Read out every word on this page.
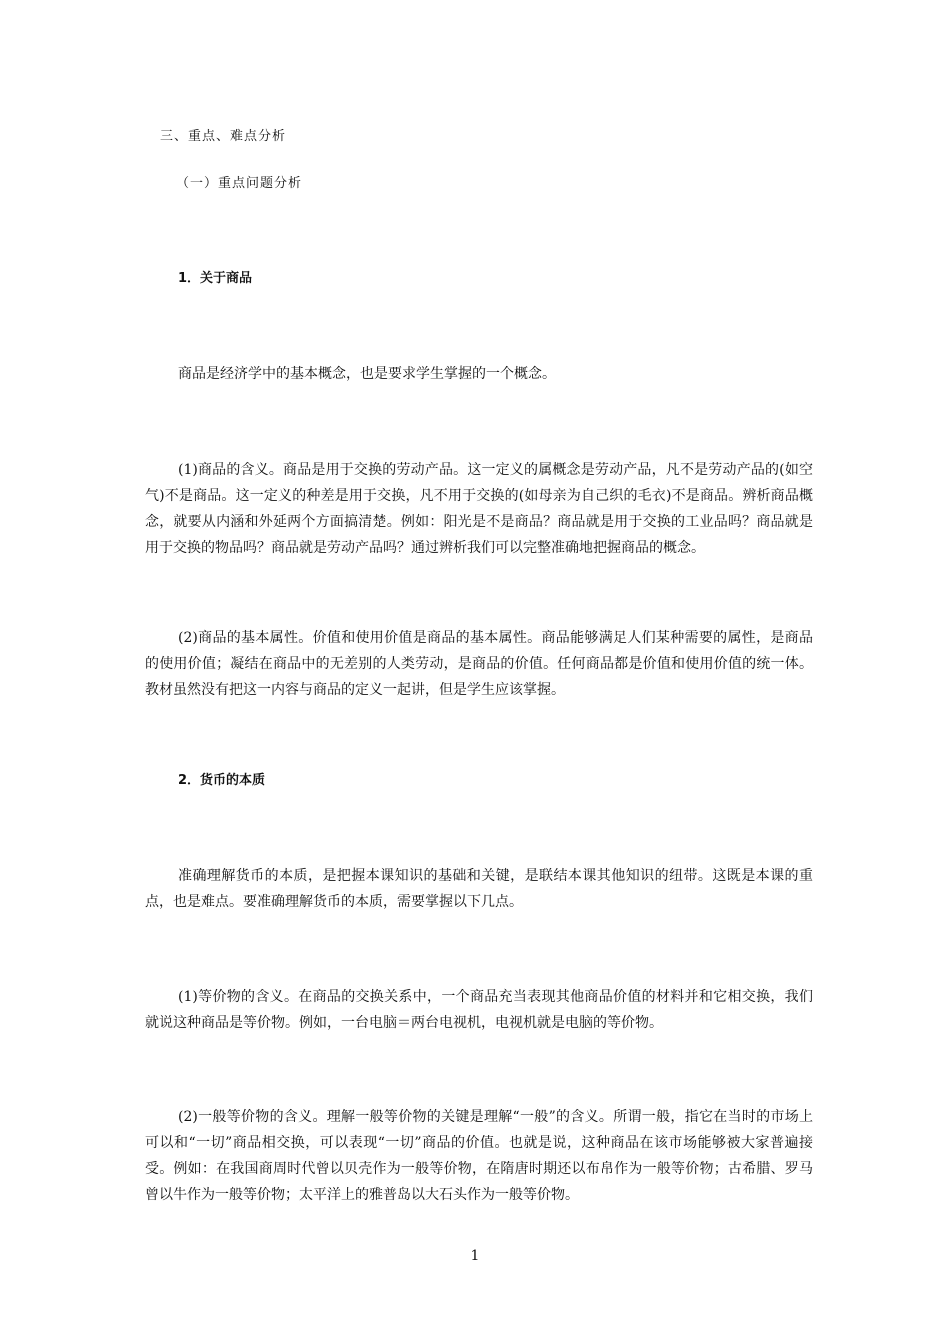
三、重点、难点分析
（一）重点问题分析
1．关于商品

商品是经济学中的基本概念，也是要求学生掌握的一个概念。

(1)商品的含义。商品是用于交换的劳动产品。这一定义的属概念是劳动产品，凡不是劳动产品的(如空气)不是商品。这一定义的种差是用于交换，凡不用于交换的(如母亲为自己织的毛衣)不是商品。辨析商品概念，就要从内涵和外延两个方面搞清楚。例如：阳光是不是商品？商品就是用于交换的工业品吗？商品就是用于交换的物品吗？商品就是劳动产品吗？通过辨析我们可以完整准确地把握商品的概念。

(2)商品的基本属性。价值和使用价值是商品的基本属性。商品能够满足人们某种需要的属性，是商品的使用价值；凝结在商品中的无差别的人类劳动，是商品的价值。任何商品都是价值和使用价值的统一体。教材虽然没有把这一内容与商品的定义一起讲，但是学生应该掌握。

2．货币的本质

准确理解货币的本质，是把握本课知识的基础和关键，是联结本课其他知识的纽带。这既是本课的重点，也是难点。要准确理解货币的本质，需要掌握以下几点。

(1)等价物的含义。在商品的交换关系中，一个商品充当表现其他商品价值的材料并和它相交换，我们就说这种商品是等价物。例如，一台电脑＝两台电视机，电视机就是电脑的等价物。

(2)一般等价物的含义。理解一般等价物的关键是理解“一般”的含义。所谓一般，指它在当时的市场上可以和“一切”商品相交换，可以表现“一切”商品的价值。也就是说，这种商品在该市场能够被大家普遍接受。例如：在我国商周时代曾以贝壳作为一般等价物，在隋唐时期还以布帛作为一般等价物；古希腊、罗马曾以牛作为一般等价物；太平洋上的雅普岛以大石头作为一般等价物。

1
